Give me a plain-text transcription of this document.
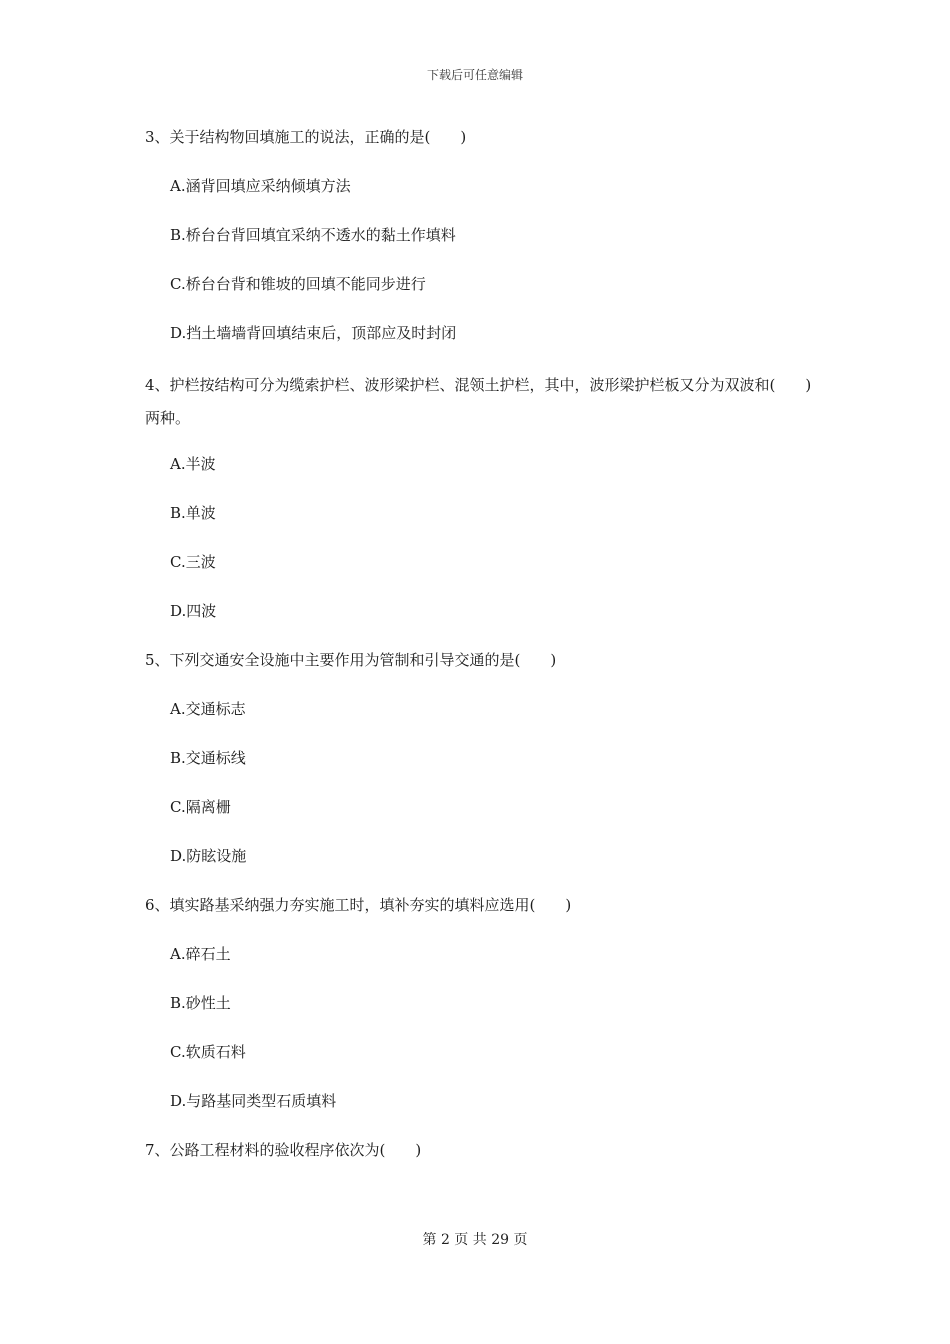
下载后可任意编辑

3、关于结构物回填施工的说法，正确的是(　　)

A.涵背回填应采纳倾填方法

B.桥台台背回填宜采纳不透水的黏土作填料

C.桥台台背和锥坡的回填不能同步进行

D.挡土墙墙背回填结束后，顶部应及时封闭

4、护栏按结构可分为缆索护栏、波形梁护栏、混领土护栏，其中，波形梁护栏板又分为双波和(　　)两种。

A.半波

B.单波

C.三波

D.四波

5、下列交通安全设施中主要作用为管制和引导交通的是(　　)

A.交通标志

B.交通标线

C.隔离栅

D.防眩设施

6、填实路基采纳强力夯实施工时，填补夯实的填料应选用(　　)

A.碎石土

B.砂性土

C.软质石料

D.与路基同类型石质填料

7、公路工程材料的验收程序依次为(　　)

第 2 页 共 29 页
